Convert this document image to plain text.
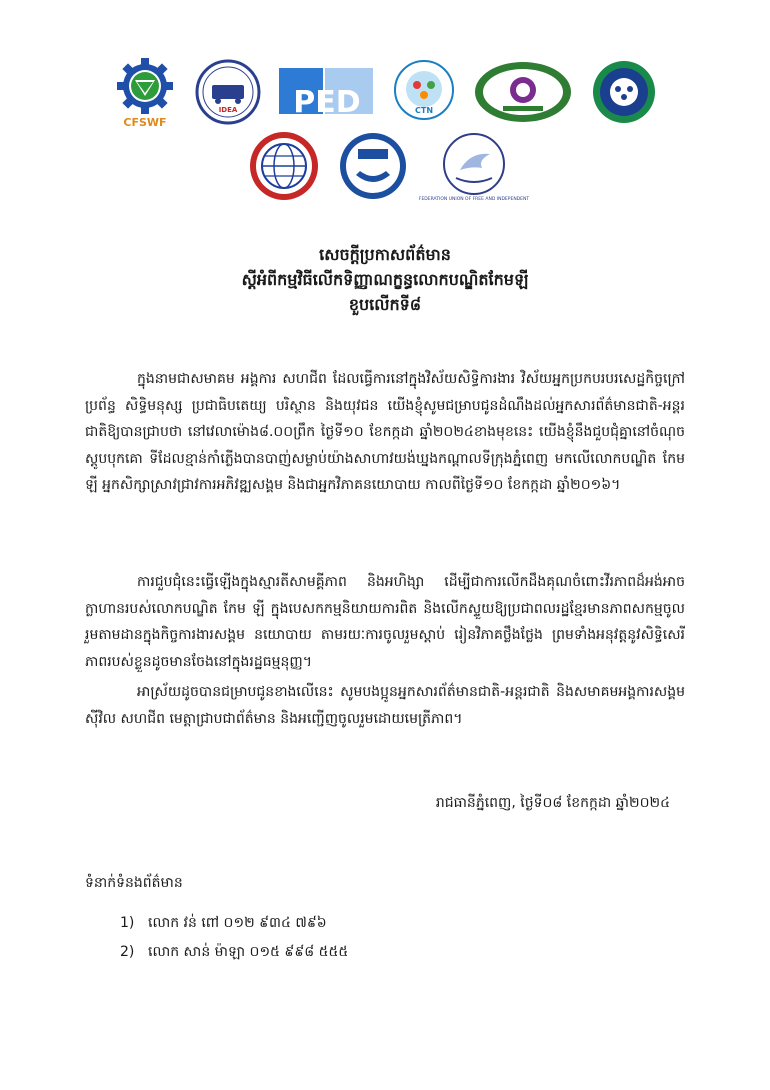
CFSWF
IDEA PED	CTN
FEDERATION UNION OF FREE AND INDEPENDENT
សេចក្ដីប្រកាសព័ត៌មាន
ស្ដីអំពីកម្មវិធីលើកទិញ្ញាណក្ខន្ធលោកបណ្ឌិតកែមឡី
ខួបលើកទី៨
ក្នុងនាមជាសមាគម អង្គការ សហជីព ដែលធ្វើការនៅក្នុងវិស័យសិទ្ធិការងារ វិស័យអ្នកប្រកបរបរសេដ្ឋកិច្ចក្រៅប្រព័ន្ធ សិទ្ធិមនុស្ស ប្រជាធិបតេយ្យ បរិស្ថាន និងយុវជន យើងខ្ញុំសូមជម្រាបជូនដំណឹងដល់អ្នកសារព័ត៌មានជាតិ-អន្តរជាតិឱ្យបានជ្រាបថា នៅវេលាម៉ោង៨.០០ព្រឹក ថ្ងៃទី១០ ខែកក្កដា ឆ្នាំ២០២៤ខាងមុខនេះ យើងខ្ញុំនឹងជួបជុំគ្នានៅចំណុចស្ដូបបុកគោ ទីដែលខ្មាន់កាំភ្លើងបានបាញ់សម្លាប់យ៉ាងសាហាវយង់ឃ្នងកណ្ដាលទីក្រុងភ្នំពេញ មកលើលោកបណ្ឌិត កែម ឡី អ្នកសិក្សាស្រាវជ្រាវការអភិវឌ្ឍសង្គម និងជាអ្នកវិភាគនយោបាយ កាលពីថ្ងៃទី១០ ខែកក្កដា ឆ្នាំ២០១៦។
ការជួបជុំនេះធ្វើឡើងក្នុងស្មារតីសាមគ្គីភាព និងអហិង្សា ដើម្បីជាការលើកដឹងគុណចំពោះវីរភាពដ៏អង់អាចក្លាហានរបស់លោកបណ្ឌិត កែម ឡី ក្នុងបេសកកម្មនិយាយការពិត និងលើកស្ទួយឱ្យប្រជាពលរដ្ឋខ្មែរមានភាពសកម្មចូលរួមតាមដានក្នុងកិច្ចការងារសង្គម នយោបាយ តាមរយៈការចូលរួមស្ដាប់ រៀនវិភាគថ្លឹងថ្លែង ព្រមទាំងអនុវត្តនូវសិទ្ធិសេរីភាពរបស់ខ្លួនដូចមានចែងនៅក្នុងរដ្ឋធម្មនុញ្ញ។
អាស្រ័យដូចបានជម្រាបជូនខាងលើនេះ សូមបងប្អូនអ្នកសារព័ត៌មានជាតិ-អន្តរជាតិ និងសមាគមអង្គការសង្គមស៊ីវិល សហជីព មេត្តាជ្រាបជាព័ត៌មាន និងអញ្ជើញចូលរួមដោយមេត្រីភាព។
រាជធានីភ្នំពេញ, ថ្ងៃទី០៨ ខែកក្កដា ឆ្នាំ២០២៤
ទំនាក់ទំនងព័ត៌មាន
1) លោក វន់ ពៅ ០១២ ៩៣៤ ៧៩៦
2) លោក សាន់ ម៉ាឡា ០១៥ ៩៩៨ ៥៥៥
